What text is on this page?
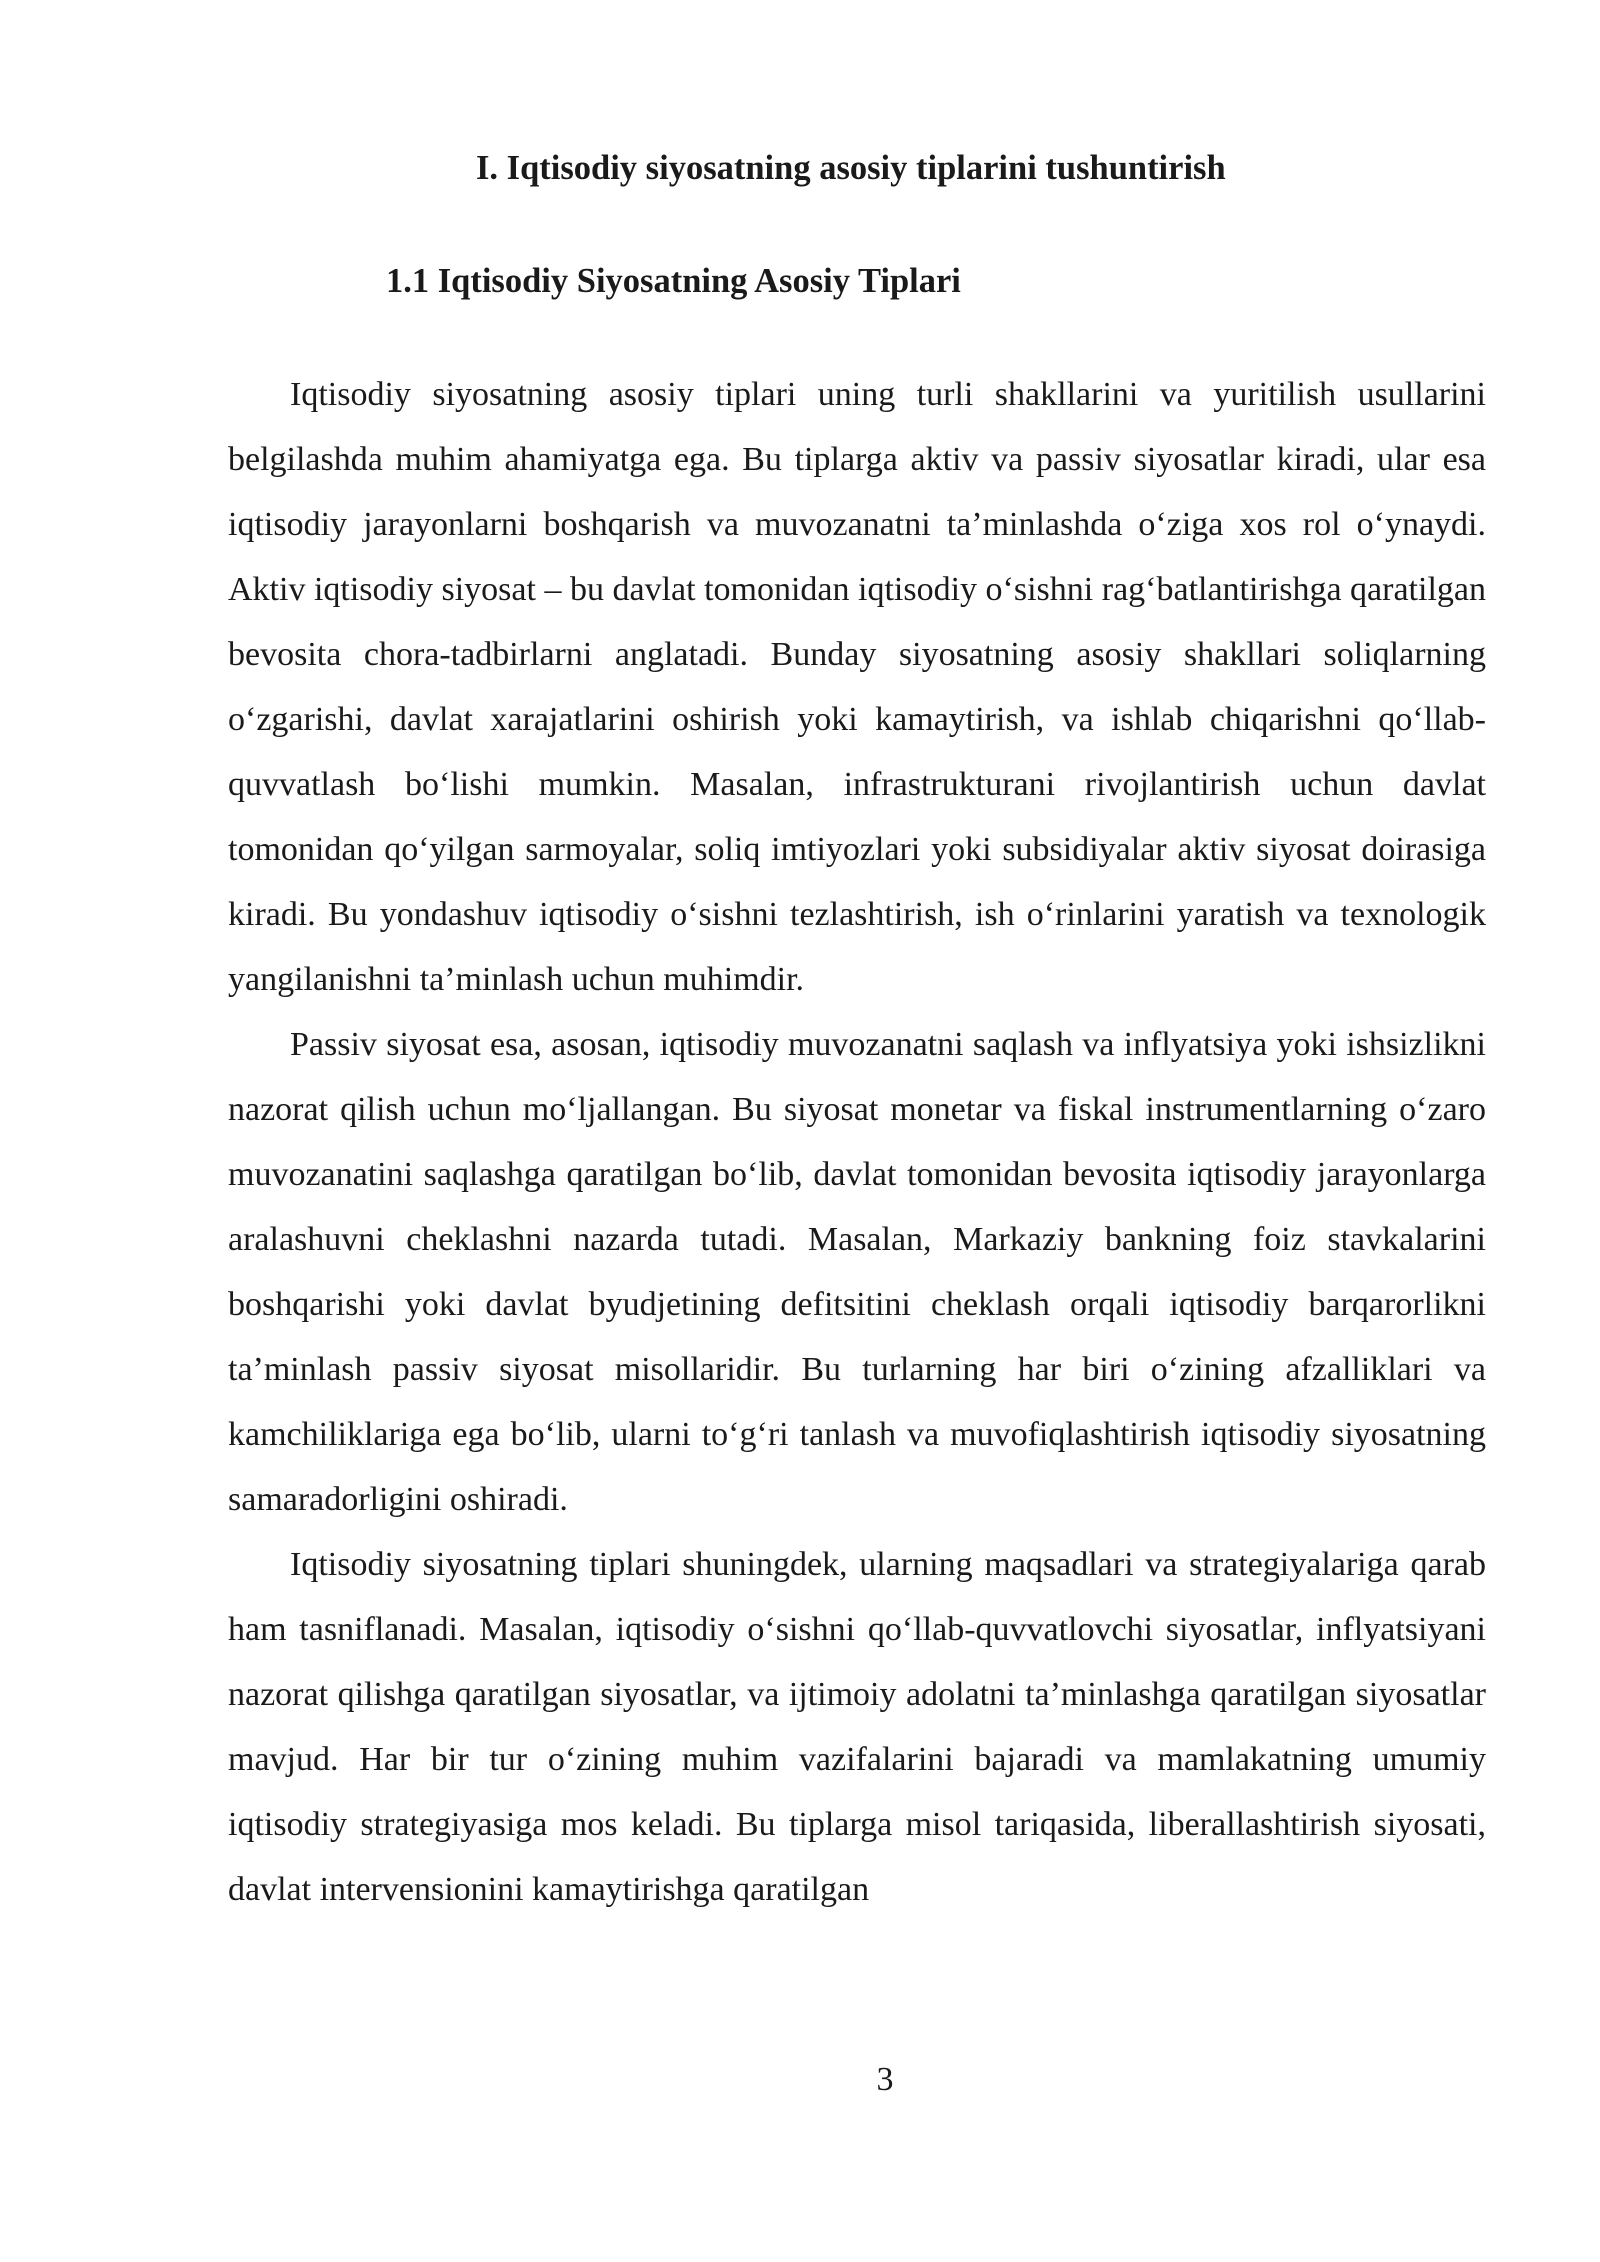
I. Iqtisodiy siyosatning asosiy tiplarini tushuntirish
1.1 Iqtisodiy Siyosatning Asosiy Tiplari

Iqtisodiy siyosatning asosiy tiplari uning turli shakllarini va yuritilish usullarini belgilashda muhim ahamiyatga ega. Bu tiplarga aktiv va passiv siyosatlar kiradi, ular esa iqtisodiy jarayonlarni boshqarish va muvozanatni ta’minlashda o‘ziga xos rol o‘ynaydi. Aktiv iqtisodiy siyosat – bu davlat tomonidan iqtisodiy o‘sishni rag‘batlantirishga qaratilgan bevosita chora-tadbirlarni anglatadi. Bunday siyosatning asosiy shakllari soliqlarning o‘zgarishi, davlat xarajatlarini oshirish yoki kamaytirish, va ishlab chiqarishni qo‘llab-quvvatlash bo‘lishi mumkin. Masalan, infrastrukturani rivojlantirish uchun davlat tomonidan qo‘yilgan sarmoyalar, soliq imtiyozlari yoki subsidiyalar aktiv siyosat doirasiga kiradi. Bu yondashuv iqtisodiy o‘sishni tezlashtirish, ish o‘rinlarini yaratish va texnologik yangilanishni ta’minlash uchun muhimdir.

Passiv siyosat esa, asosan, iqtisodiy muvozanatni saqlash va inflyatsiya yoki ishsizlikni nazorat qilish uchun mo‘ljallangan. Bu siyosat monetar va fiskal instrumentlarning o‘zaro muvozanatini saqlashga qaratilgan bo‘lib, davlat tomonidan bevosita iqtisodiy jarayonlarga aralashuvni cheklashni nazarda tutadi. Masalan, Markaziy bankning foiz stavkalarini boshqarishi yoki davlat byudjetining defitsitini cheklash orqali iqtisodiy barqarorlikni ta’minlash passiv siyosat misollaridir. Bu turlarning har biri o‘zining afzalliklari va kamchiliklariga ega bo‘lib, ularni to‘g‘ri tanlash va muvofiqlashtirish iqtisodiy siyosatning samaradorligini oshiradi.

Iqtisodiy siyosatning tiplari shuningdek, ularning maqsadlari va strategiyalariga qarab ham tasniflanadi. Masalan, iqtisodiy o‘sishni qo‘llab-quvvatlovchi siyosatlar, inflyatsiyani nazorat qilishga qaratilgan siyosatlar, va ijtimoiy adolatni ta’minlashga qaratilgan siyosatlar mavjud. Har bir tur o‘zining muhim vazifalarini bajaradi va mamlakatning umumiy iqtisodiy strategiyasiga mos keladi. Bu tiplarga misol tariqasida, liberallashtirish siyosati, davlat intervensionini kamaytirishga qaratilgan

3
